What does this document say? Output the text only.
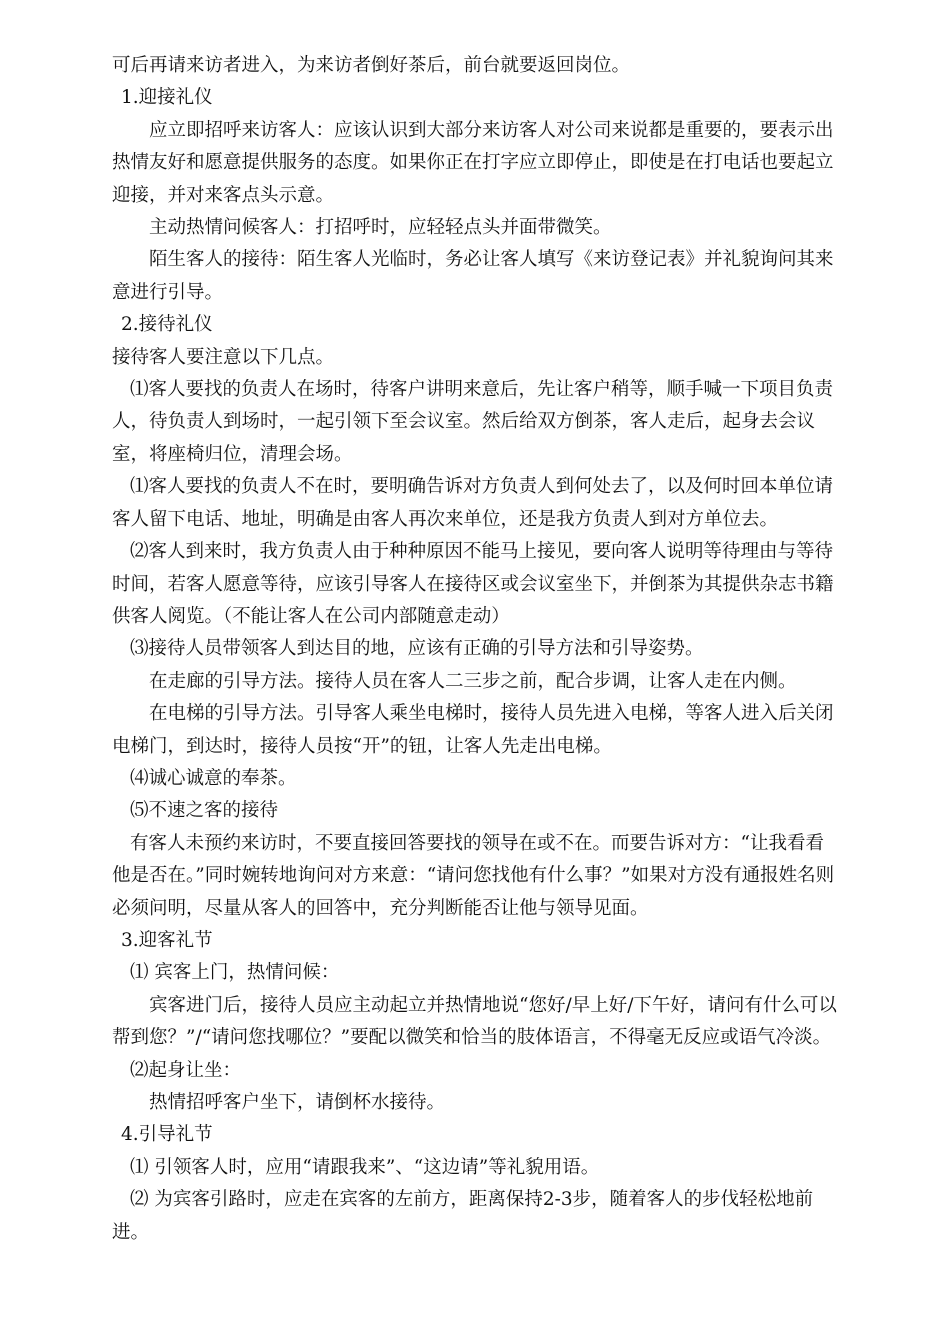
可后再请来访者进入，为来访者倒好茶后，前台就要返回岗位。

1.迎接礼仪

应立即招呼来访客人：应该认识到大部分来访客人对公司来说都是重要的，要表示出热情友好和愿意提供服务的态度。如果你正在打字应立即停止，即使是在打电话也要起立迎接，并对来客点头示意。

主动热情问候客人：打招呼时，应轻轻点头并面带微笑。

陌生客人的接待：陌生客人光临时，务必让客人填写《来访登记表》并礼貌询问其来意进行引导。

2.接待礼仪

接待客人要注意以下几点。

⑴客人要找的负责人在场时，待客户讲明来意后，先让客户稍等，顺手喊一下项目负责人，待负责人到场时，一起引领下至会议室。然后给双方倒茶，客人走后，起身去会议室，将座椅归位，清理会场。

⑴客人要找的负责人不在时，要明确告诉对方负责人到何处去了，以及何时回本单位请客人留下电话、地址，明确是由客人再次来单位，还是我方负责人到对方单位去。

⑵客人到来时，我方负责人由于种种原因不能马上接见，要向客人说明等待理由与等待时间，若客人愿意等待，应该引导客人在接待区或会议室坐下，并倒茶为其提供杂志书籍供客人阅览。（不能让客人在公司内部随意走动）

⑶接待人员带领客人到达目的地，应该有正确的引导方法和引导姿势。

在走廊的引导方法。接待人员在客人二三步之前，配合步调，让客人走在内侧。

在电梯的引导方法。引导客人乘坐电梯时，接待人员先进入电梯，等客人进入后关闭电梯门，到达时，接待人员按“开”的钮，让客人先走出电梯。

⑷诚心诚意的奉茶。

⑸不速之客的接待

有客人未预约来访时，不要直接回答要找的领导在或不在。而要告诉对方：“让我看看他是否在。”同时婉转地询问对方来意：“请问您找他有什么事？”如果对方没有通报姓名则必须问明，尽量从客人的回答中，充分判断能否让他与领导见面。

3.迎客礼节

⑴ 宾客上门，热情问候：

宾客进门后，接待人员应主动起立并热情地说“您好/早上好/下午好，请问有什么可以帮到您？”/“请问您找哪位？”要配以微笑和恰当的肢体语言，不得毫无反应或语气冷淡。

⑵起身让坐：

热情招呼客户坐下，请倒杯水接待。

4.引导礼节

⑴ 引领客人时，应用“请跟我来”、“这边请”等礼貌用语。

⑵ 为宾客引路时，应走在宾客的左前方，距离保持2-3步，随着客人的步伐轻松地前进。
